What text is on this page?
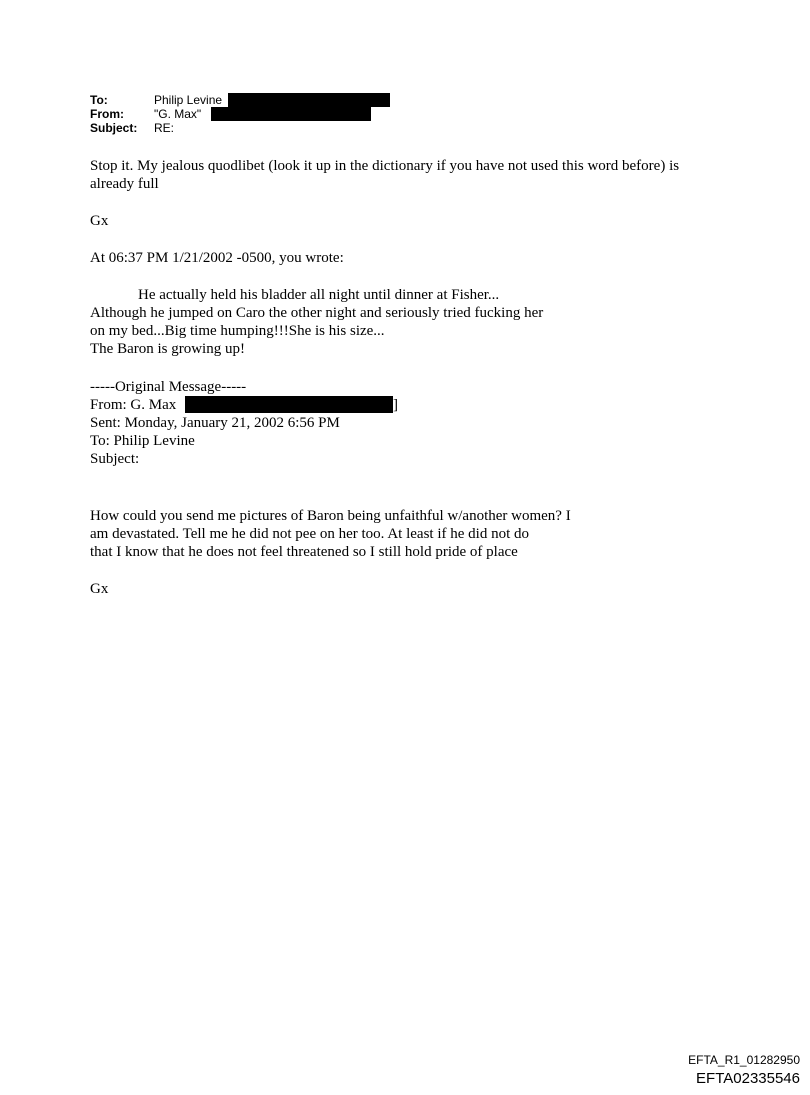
To:	Philip Levine
From:	"G. Max"
Subject: RE:
Stop it. My jealous quodlibet (look it up in the dictionary if you have not used this word before) is
already full
Gx
At 06:37 PM 1/21/2002 -0500, you wrote:
He actually held his bladder all night until dinner at Fisher...
Although he jumped on Caro the other night and seriously tried fucking her
on my bed...Big time humping!!!She is his size...
The Baron is growing up!
-----Original Message-----
From: G. Max	]
Sent: Monday, January 21, 2002 6:56 PM
To: Philip Levine
Subject:
How could you send me pictures of Baron being unfaithful w/another women? I
am devastated. Tell me he did not pee on her too. At least if he did not do
that I know that he does not feel threatened so I still hold pride of place
Gx
EFTA_R1_01282950
EFTA02335546
